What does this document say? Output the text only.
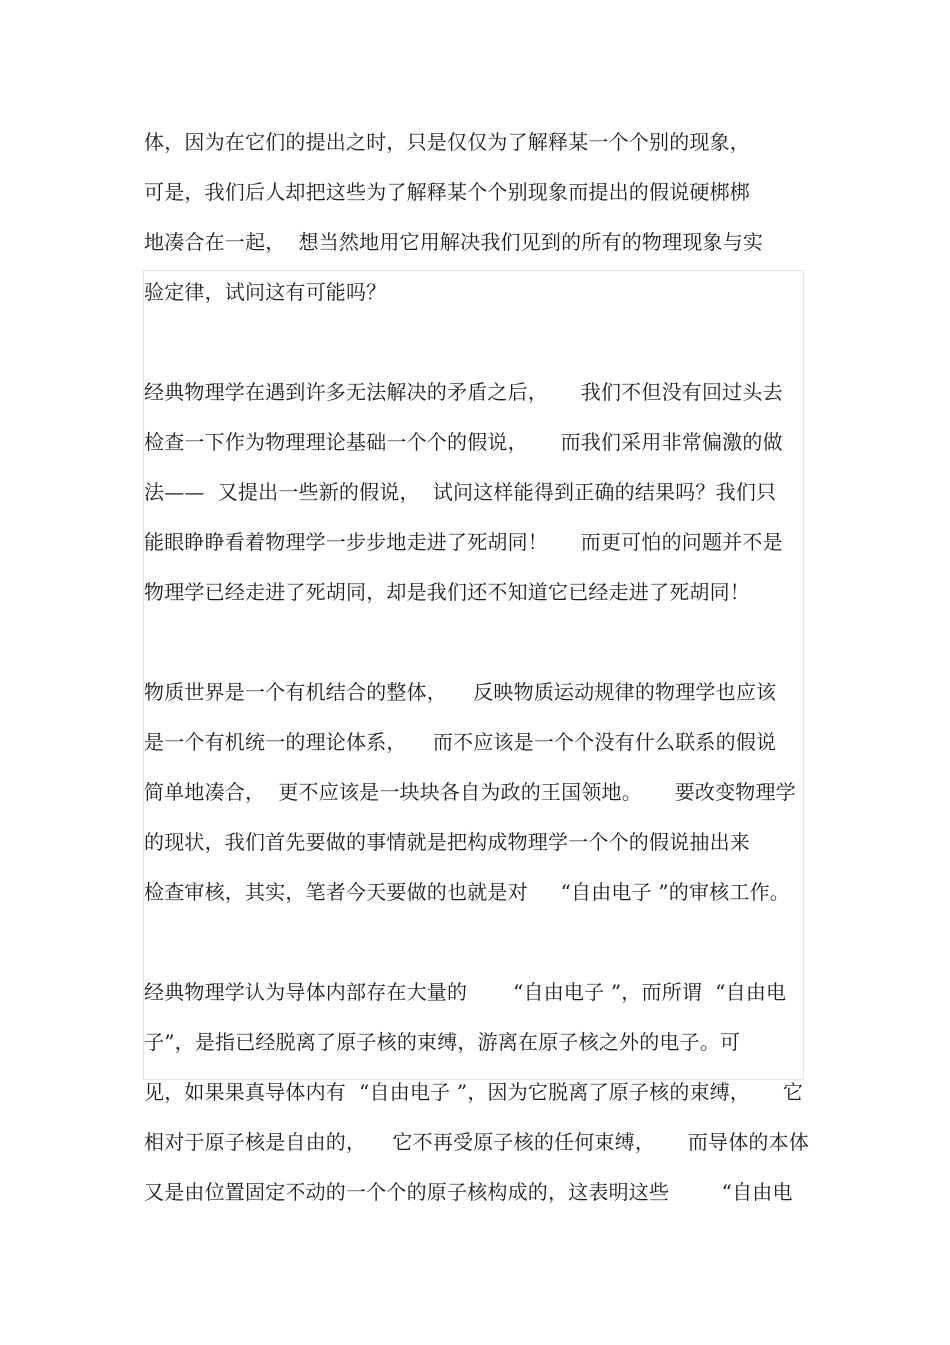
体，因为在它们的提出之时，只是仅仅为了解释某一个个别的现象，
可是，我们后人却把这些为了解释某个个别现象而提出的假说硬梆梆
地凑合在一起，  想当然地用它用解决我们见到的所有的物理现象与实
验定律，试问这有可能吗？
经典物理学在遇到许多无法解决的矛盾之后，     我们不但没有回过头去
检查一下作为物理理论基础一个个的假说，     而我们采用非常偏激的做
法——  又提出一些新的假说，  试问这样能得到正确的结果吗？我们只
能眼睁睁看着物理学一步步地走进了死胡同！     而更可怕的问题并不是
物理学已经走进了死胡同，却是我们还不知道它已经走进了死胡同！
物质世界是一个有机结合的整体，    反映物质运动规律的物理学也应该
是一个有机统一的理论体系，    而不应该是一个个没有什么联系的假说
简单地凑合，  更不应该是一块块各自为政的王国领地。     要改变物理学
的现状，我们首先要做的事情就是把构成物理学一个个的假说抽出来
检查审核，其实，笔者今天要做的也就是对     “自由电子 ”的审核工作。
经典物理学认为导体内部存在大量的       “自由电子 ”，而所谓  “自由电
子”，是指已经脱离了原子核的束缚，游离在原子核之外的电子。可
见，如果果真导体内有  “自由电子 ”，因为它脱离了原子核的束缚，     它
相对于原子核是自由的，    它不再受原子核的任何束缚，     而导体的本体
又是由位置固定不动的一个个的原子核构成的，这表明这些        “自由电
